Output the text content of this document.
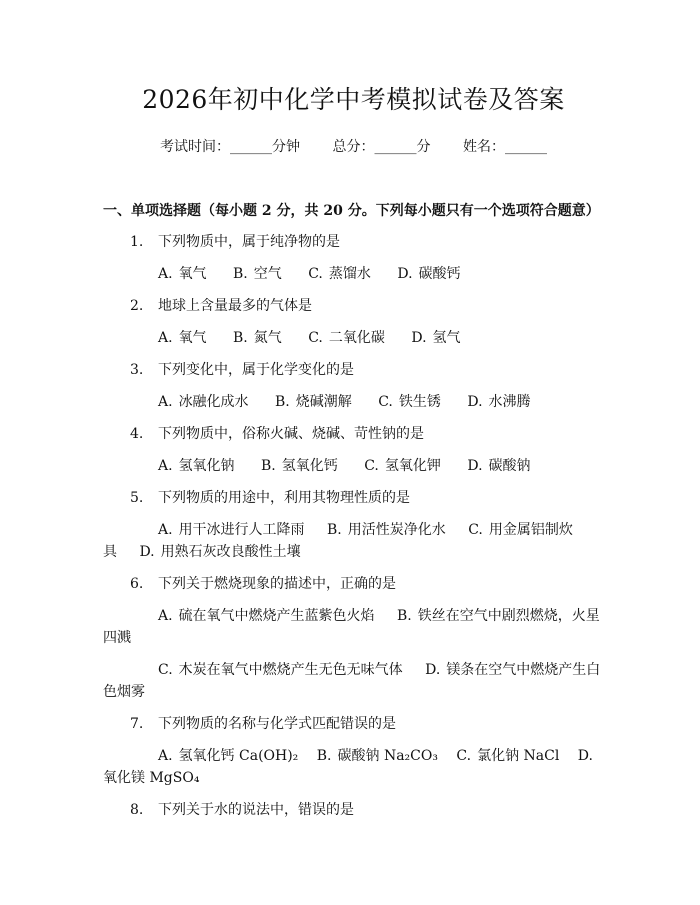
2026年初中化学中考模拟试卷及答案
考试时间：______分钟 总分：______分 姓名：______
一、单项选择题（每小题 2 分，共 20 分。下列每小题只有一个选项符合题意）
1. 下列物质中，属于纯净物的是
A. 氧气 B. 空气 C. 蒸馏水 D. 碳酸钙
2. 地球上含量最多的气体是
A. 氧气 B. 氮气 C. 二氧化碳 D. 氢气
3. 下列变化中，属于化学变化的是
A. 冰融化成水 B. 烧碱潮解 C. 铁生锈 D. 水沸腾
4. 下列物质中，俗称火碱、烧碱、苛性钠的是
A. 氢氧化钠 B. 氢氧化钙 C. 氢氧化钾 D. 碳酸钠
5. 下列物质的用途中，利用其物理性质的是
A. 用干冰进行人工降雨 B. 用活性炭净化水 C. 用金属铝制炊具 D. 用熟石灰改良酸性土壤
6. 下列关于燃烧现象的描述中，正确的是
A. 硫在氧气中燃烧产生蓝紫色火焰 B. 铁丝在空气中剧烈燃烧，火星四溅
C. 木炭在氧气中燃烧产生无色无味气体 D. 镁条在空气中燃烧产生白色烟雾
7. 下列物质的名称与化学式匹配错误的是
A. 氢氧化钙 Ca(OH)₂ B. 碳酸钠 Na₂CO₃ C. 氯化钠 NaCl D.氧化镁 MgSO₄
8. 下列关于水的说法中，错误的是
